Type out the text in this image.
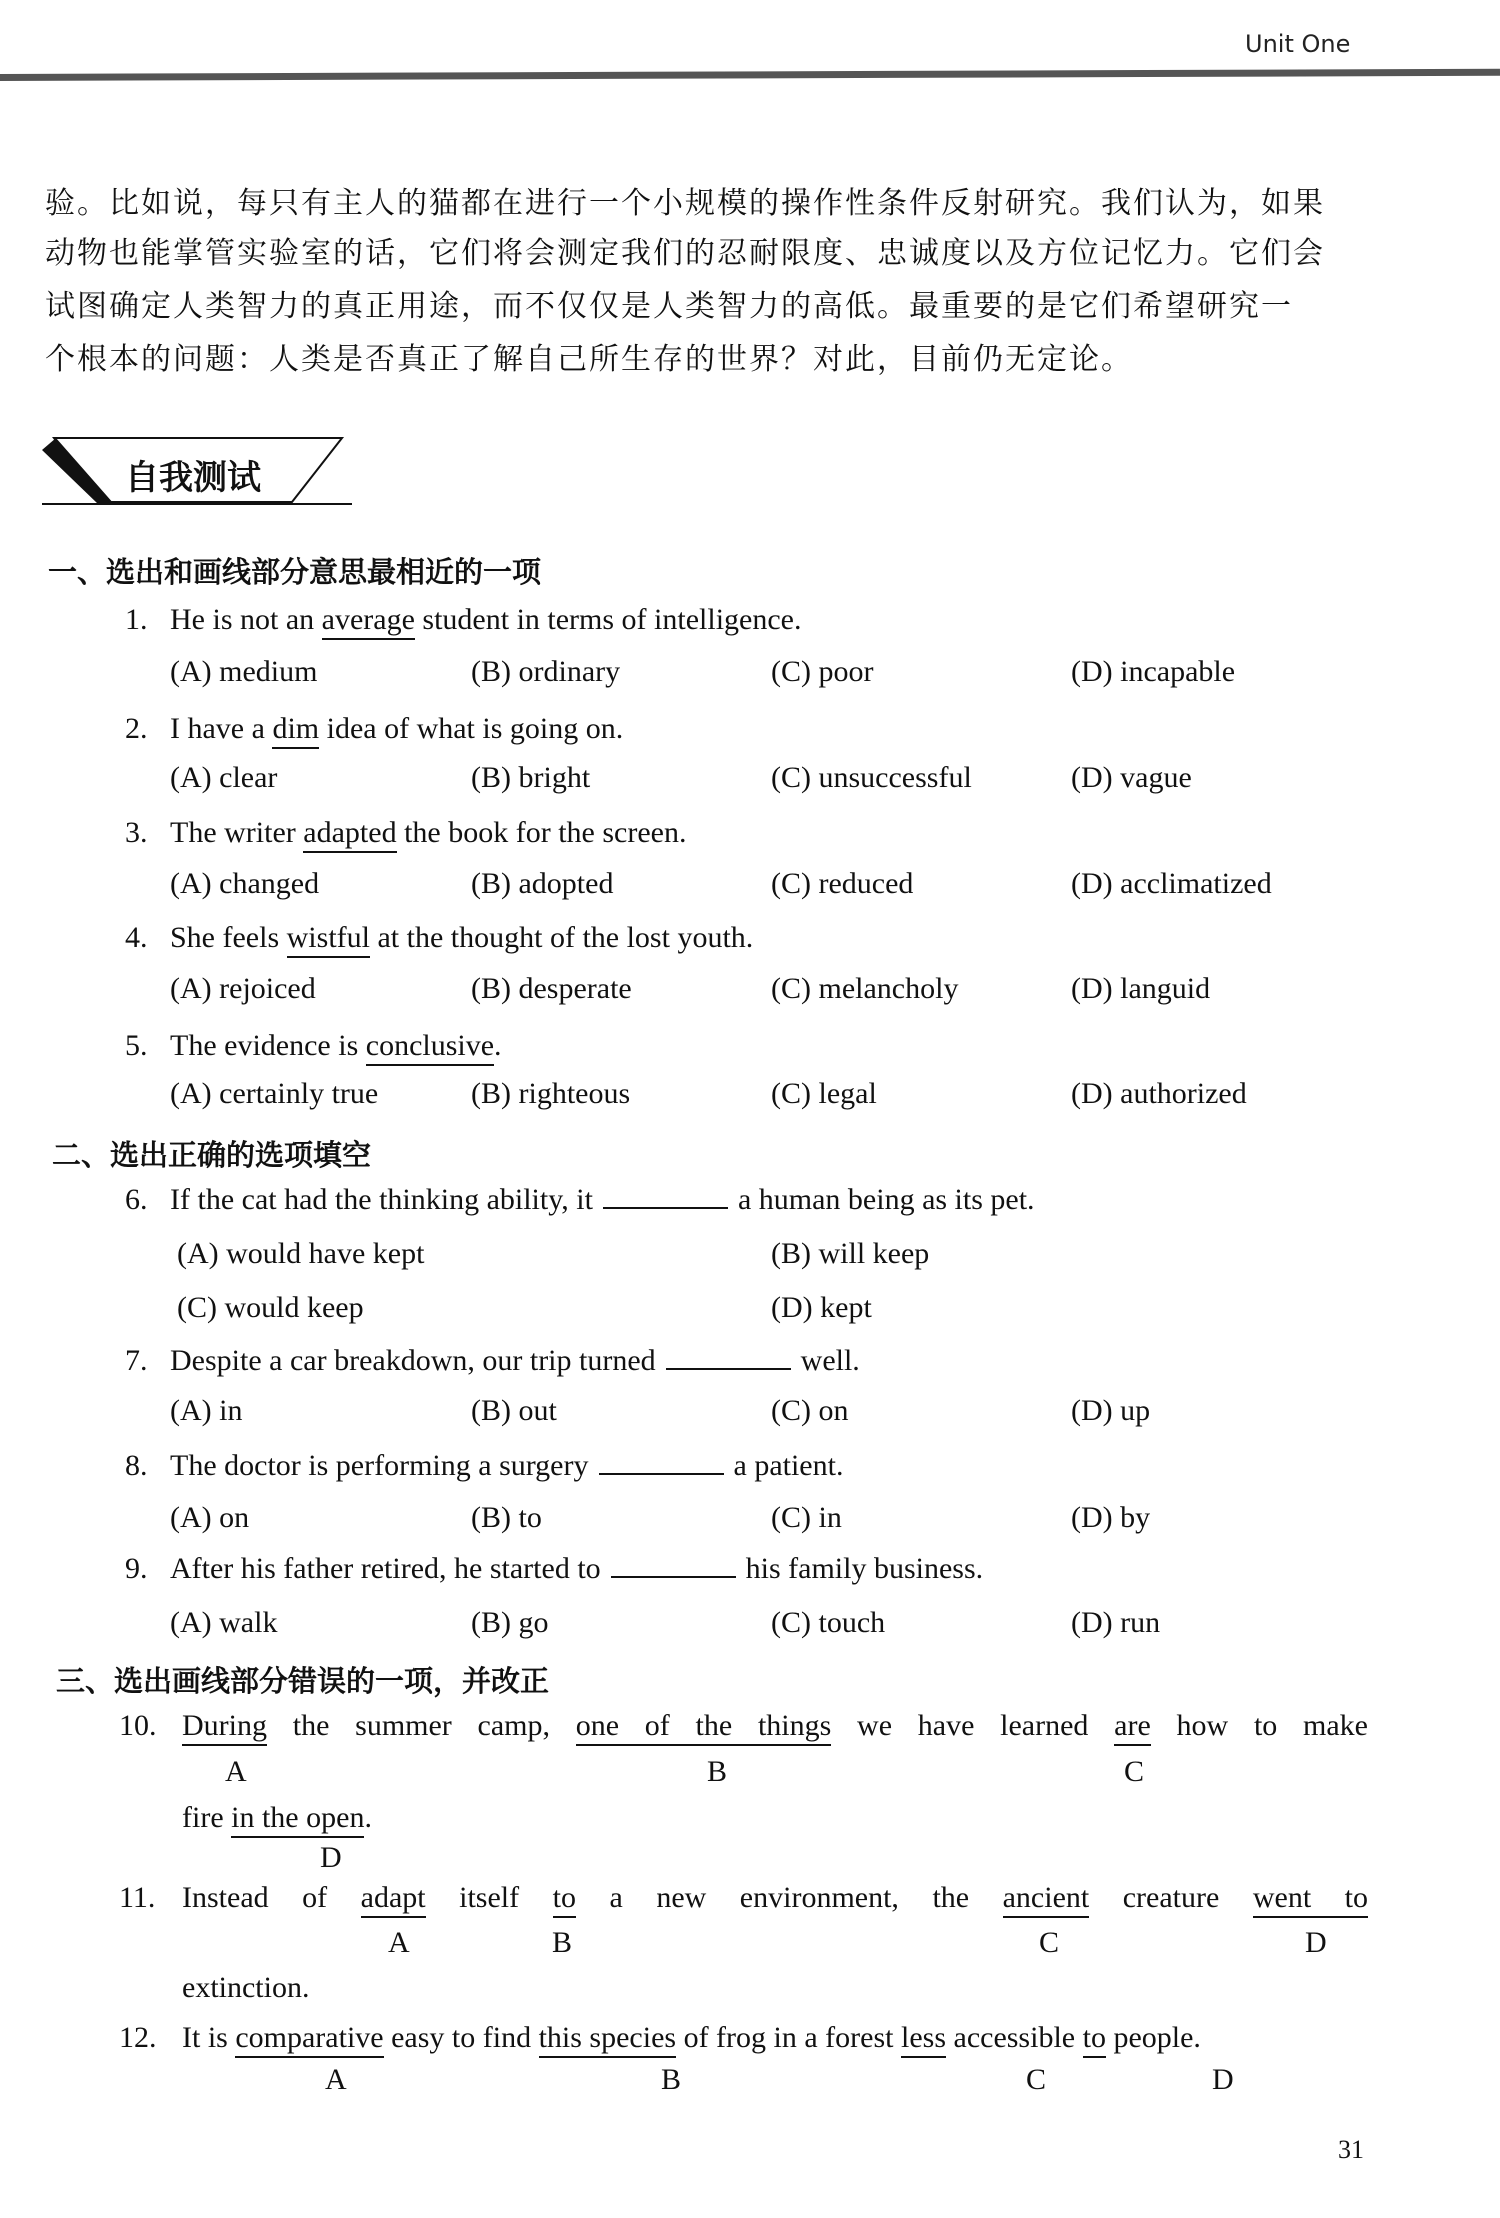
Unit One
验。比如说，每只有主人的猫都在进行一个小规模的操作性条件反射研究。我们认为，如果
动物也能掌管实验室的话，它们将会测定我们的忍耐限度、忠诚度以及方位记忆力。它们会
试图确定人类智力的真正用途，而不仅仅是人类智力的高低。最重要的是它们希望研究一
个根本的问题：人类是否真正了解自己所生存的世界？对此，目前仍无定论。
自我测试
一、选出和画线部分意思最相近的一项
1. He is not an average student in terms of intelligence.
(A) medium	(B) ordinary	(C) poor	(D) incapable
2. I have a dim idea of what is going on.
(A) clear	(B) bright	(C) unsuccessful	(D) vague
3. The writer adapted the book for the screen.
(A) changed	(B) adopted	(C) reduced	(D) acclimatized
4. She feels wistful at the thought of the lost youth.
(A) rejoiced	(B) desperate	(C) melancholy	(D) languid
5. The evidence is conclusive.
(A) certainly true	(B) righteous	(C) legal	(D) authorized
二、选出正确的选项填空
6. If the cat had the thinking ability, it	a human being as its pet.
(A) would have kept	(B) will keep
(C) would keep	(D) kept
7. Despite a car breakdown, our trip turned	well.
(A) in	(B) out	(C) on	(D) up
8. The doctor is performing a surgery	a patient.
(A) on	(B) to	(C) in	(D) by
9. After his father retired, he started to	his family business.
(A) walk	(B) go	(C) touch	(D) run
三、选出画线部分错误的一项，并改正
10. During the summer camp, one of the things we have learned are how to make
A	B	C
fire in the open.
D
11. Instead of adapt itself to a new environment, the ancient creature went to
A	B	C	D
extinction.
12. It is comparative easy to find this species of frog in a forest less accessible to people.
A	B	C	D
31
